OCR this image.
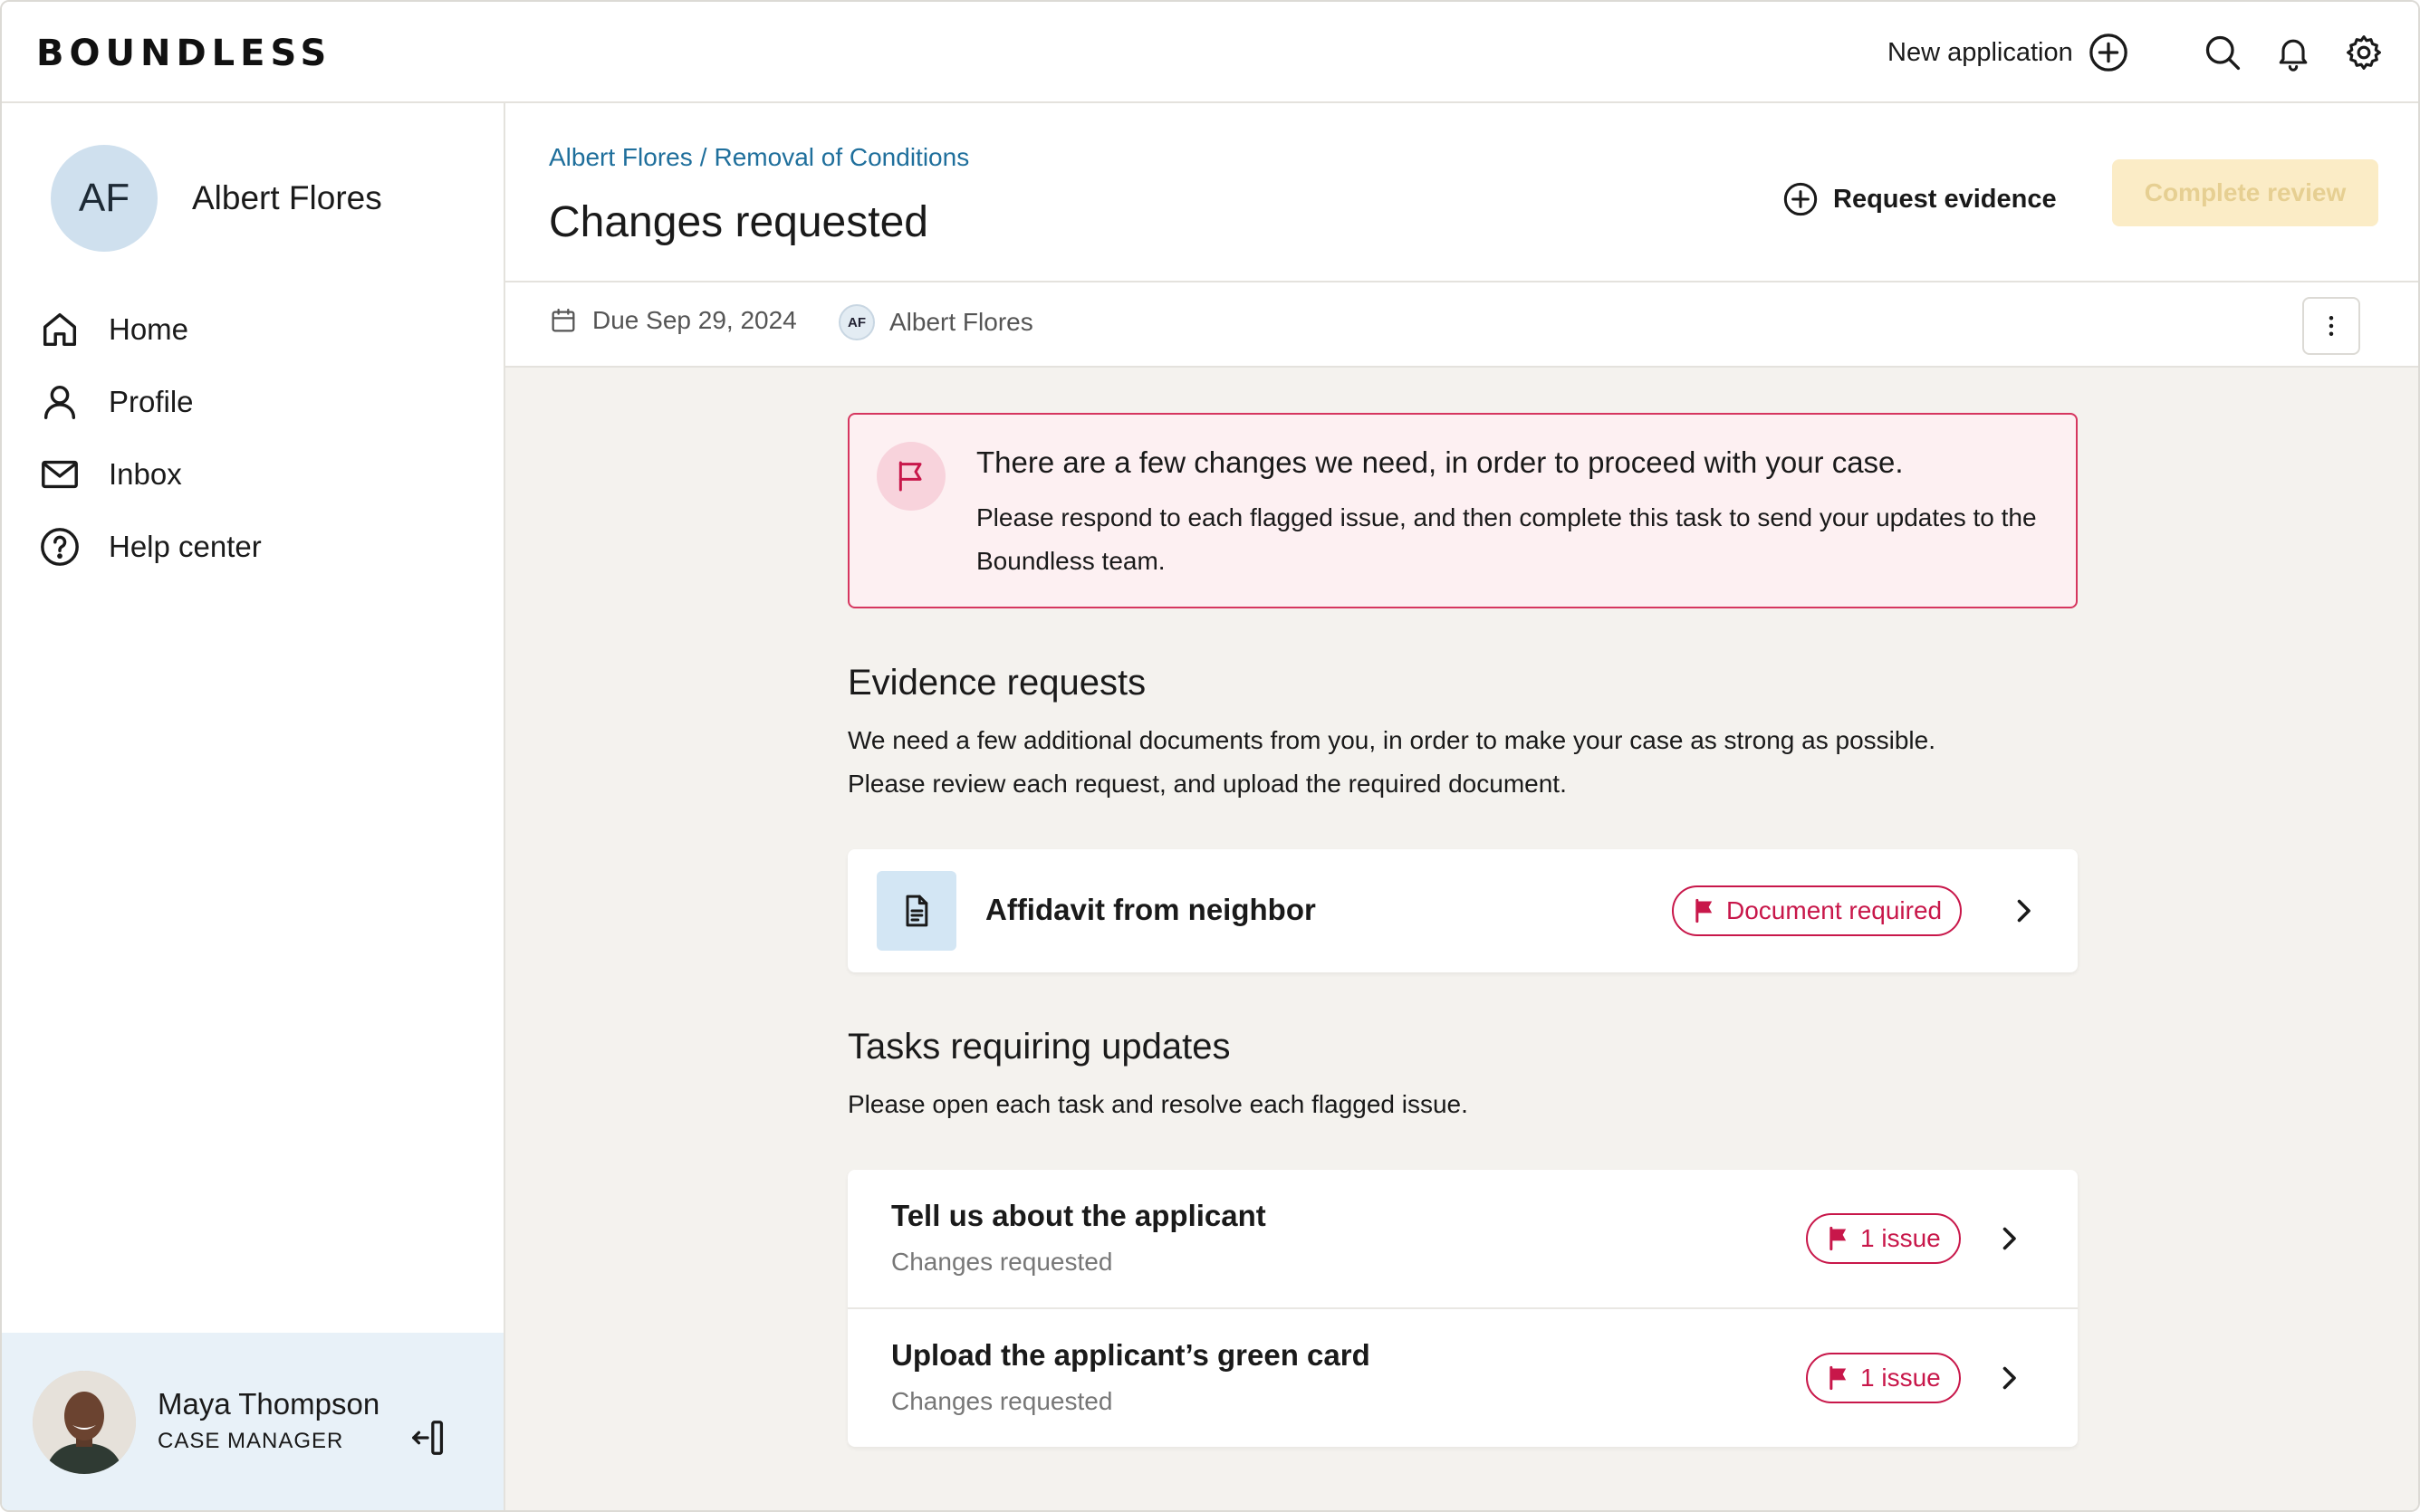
BOUNDLESS	New application
AF	Albert Flores
Home
Profile
Inbox
Help center
Maya Thompson
CASE MANAGER
Albert Flores / Removal of Conditions
Changes requested	Request evidence	Complete review
Due Sep 29, 2024	AF Albert Flores
There are a few changes we need, in order to proceed with your case.
Please respond to each flagged issue, and then complete this task to send your updates to the Boundless team.
Evidence requests
We need a few additional documents from you, in order to make your case as strong as possible.
Please review each request, and upload the required document.
Affidavit from neighbor	Document required
Tasks requiring updates
Please open each task and resolve each flagged issue.
Tell us about the applicant
Changes requested
1 issue
Upload the applicant’s green card
Changes requested
1 issue
